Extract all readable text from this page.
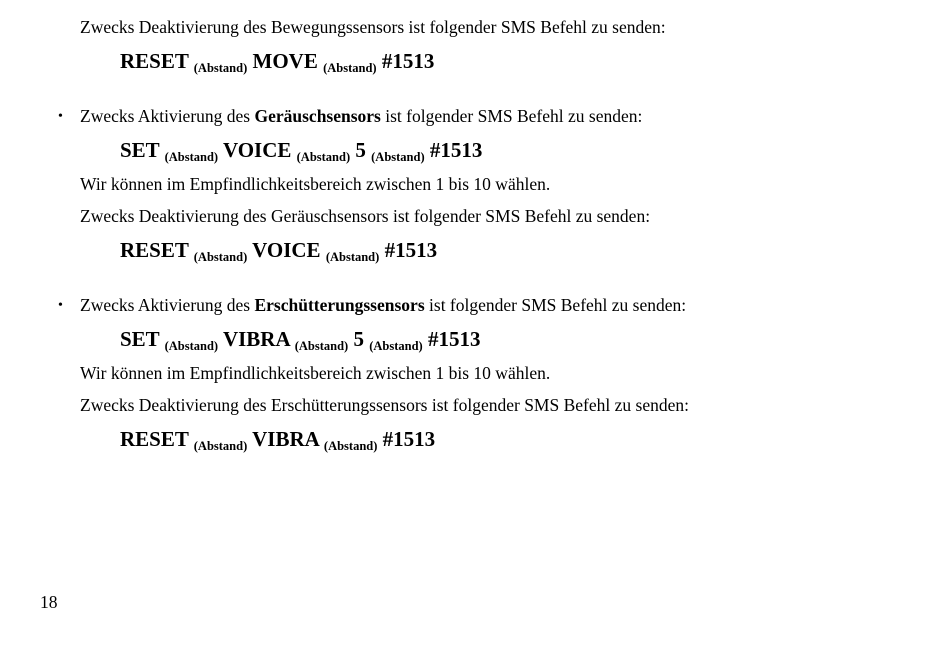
Zwecks Deaktivierung des Bewegungssensors ist folgender SMS Befehl zu senden:
RESET $_{(Abstand)}$ MOVE $_{(Abstand)}$ #1513
• Zwecks Aktivierung des Geräuschsensors ist folgender SMS Befehl zu senden:
SET $_{(Abstand)}$ VOICE $_{(Abstand)}$ 5 $_{(Abstand)}$ #1513
Wir können im Empfindlichkeitsbereich zwischen 1 bis 10 wählen.
Zwecks Deaktivierung des Geräuschsensors ist folgender SMS Befehl zu senden:
RESET $_{(Abstand)}$ VOICE $_{(Abstand)}$ #1513
• Zwecks Aktivierung des Erschütterungssensors ist folgender SMS Befehl zu senden:
SET $_{(Abstand)}$ VIBRA $_{(Abstand)}$ 5 $_{(Abstand)}$ #1513
Wir können im Empfindlichkeitsbereich zwischen 1 bis 10 wählen.
Zwecks Deaktivierung des Erschütterungssensors ist folgender SMS Befehl zu senden:
RESET $_{(Abstand)}$ VIBRA $_{(Abstand)}$ #1513
18
